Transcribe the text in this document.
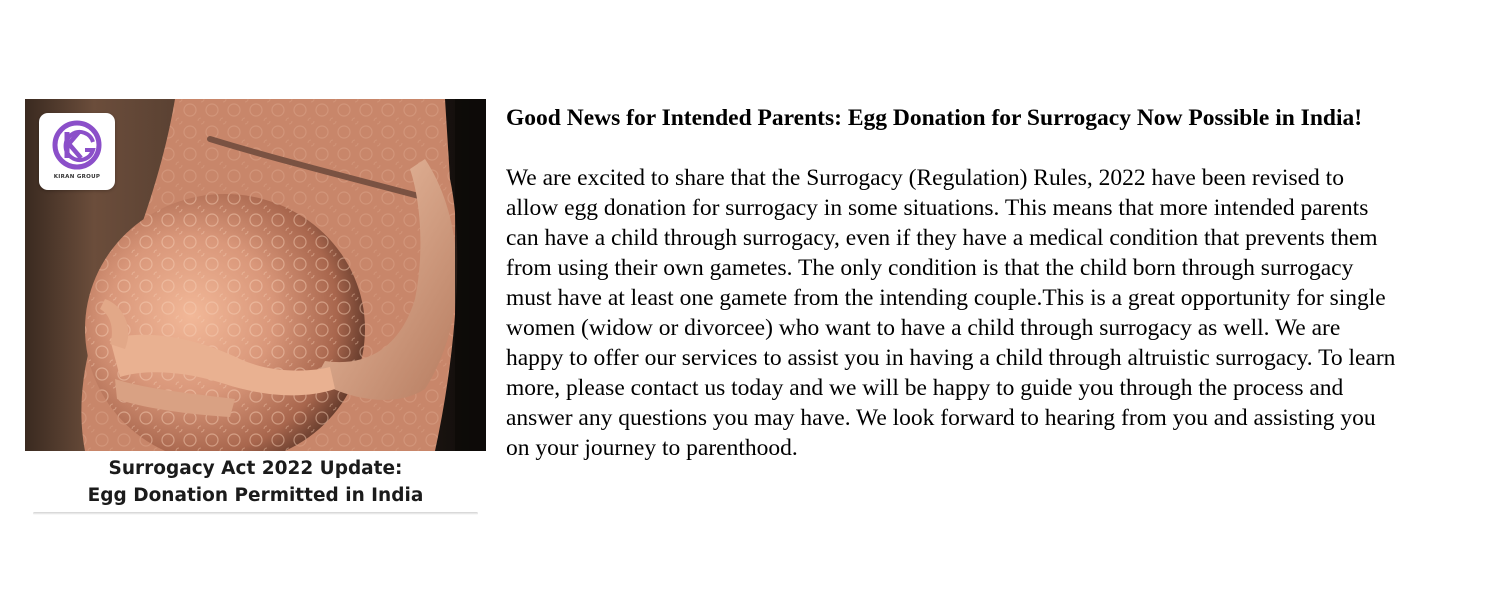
KIRAN GROUP
Surrogacy Act 2022 Update:
Egg Donation Permitted in India
Good News for Intended Parents: Egg Donation for Surrogacy Now Possible in India!
We are excited to share that the Surrogacy (Regulation) Rules, 2022 have been revised to
allow egg donation for surrogacy in some situations. This means that more intended parents
can have a child through surrogacy, even if they have a medical condition that prevents them
from using their own gametes. The only condition is that the child born through surrogacy
must have at least one gamete from the intending couple.This is a great opportunity for single
women (widow or divorcee) who want to have a child through surrogacy as well. We are
happy to offer our services to assist you in having a child through altruistic surrogacy. To learn
more, please contact us today and we will be happy to guide you through the process and
answer any questions you may have. We look forward to hearing from you and assisting you
on your journey to parenthood.
